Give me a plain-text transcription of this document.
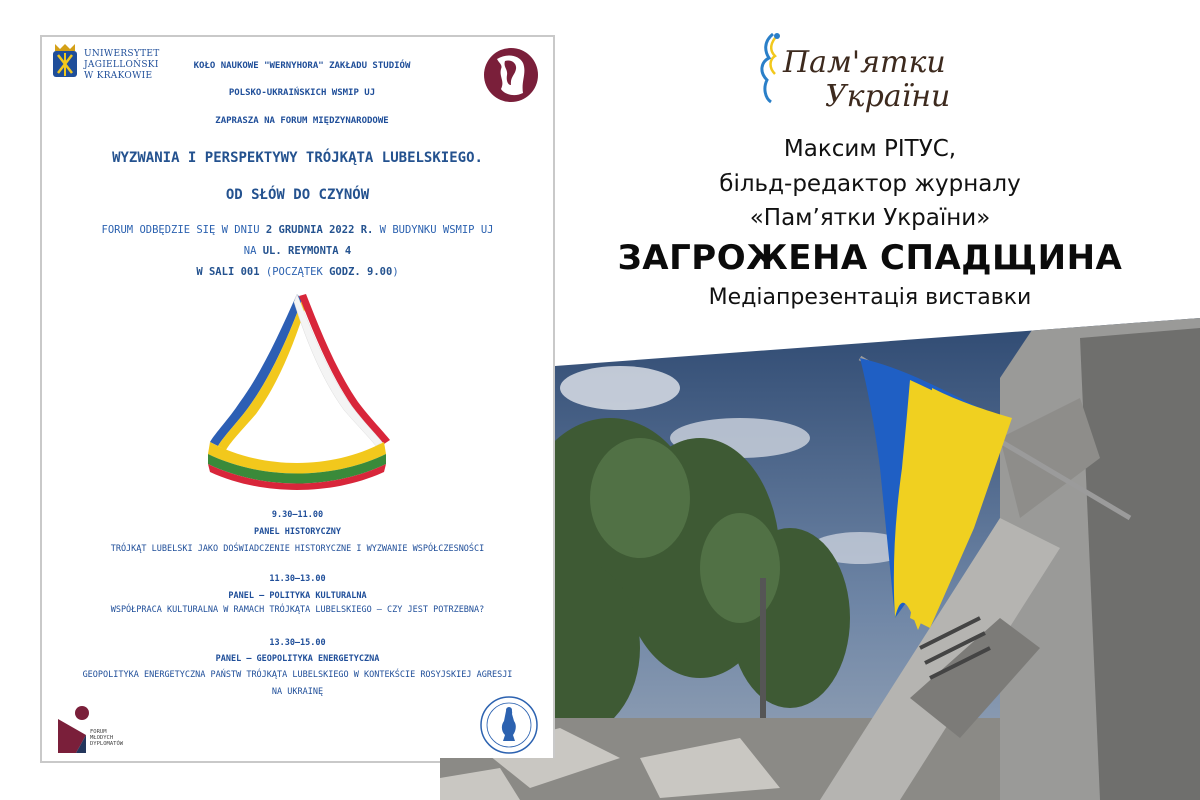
UNIWERSYTET
JAGIELLOŃSKI
W KRAKOWIE
KOŁO NAUKOWE "WERNYHORA" ZAKŁADU STUDIÓW
POLSKO-UKRAIŃSKICH WSMIP UJ
ZAPRASZA NA FORUM MIĘDZYNARODOWE
WYZWANIA I PERSPEKTYWY TRÓJKĄTA LUBELSKIEGO.
OD SŁÓW DO CZYNÓW
FORUM ODBĘDZIE SIĘ W DNIU 2 GRUDNIA 2022 R. W BUDYNKU WSMIP UJ
NA UL. REYMONTA 4
W SALI 001 (POCZĄTEK GODZ. 9.00)
9.30–11.00
PANEL HISTORYCZNY
TRÓJKĄT LUBELSKI JAKO DOŚWIADCZENIE HISTORYCZNE I WYZWANIE WSPÓŁCZESNOŚCI
11.30–13.00
PANEL – POLITYKA KULTURALNA
WSPÓŁPRACA KULTURALNA W RAMACH TRÓJKĄTA LUBELSKIEGO – CZY JEST POTRZEBNA?
13.30–15.00
PANEL – GEOPOLITYKA ENERGETYCZNA
GEOPOLITYKA ENERGETYCZNA PAŃSTW TRÓJKĄTA LUBELSKIEGO W KONTEKŚCIE ROSYJSKIEJ AGRESJI
NA UKRAINĘ
FORUM
MŁODYCH
DYPLOMATÓW
Пам'ятки
України
Максим РІТУС,
більд-редактор журналу
«Пам’ятки України»
ЗАГРОЖЕНА СПАДЩИНА
Медіапрезентація виставки
